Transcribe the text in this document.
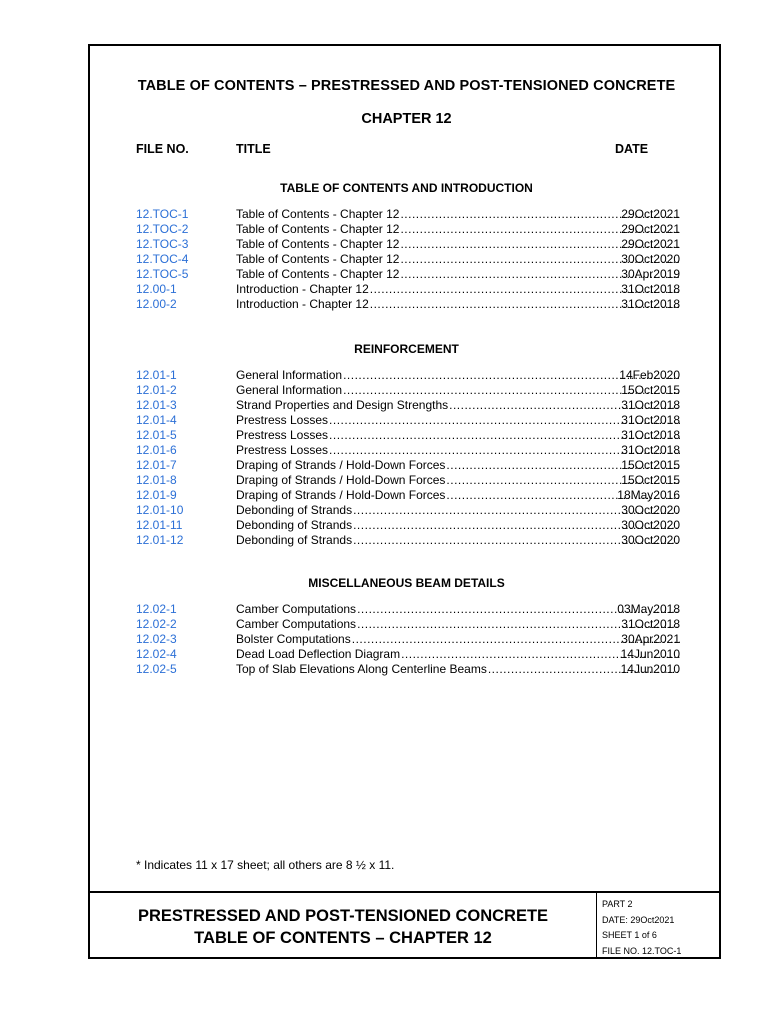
TABLE OF CONTENTS – PRESTRESSED AND POST-TENSIONED CONCRETE
CHAPTER 12
FILE NO.	TITLE	DATE
TABLE OF CONTENTS AND INTRODUCTION
12.TOC-1	Table of Contents - Chapter 12 .....	29Oct2021
12.TOC-2	Table of Contents - Chapter 12 .....	29Oct2021
12.TOC-3	Table of Contents - Chapter 12 .....	29Oct2021
12.TOC-4	Table of Contents - Chapter 12 .....	30Oct2020
12.TOC-5	Table of Contents - Chapter 12 .....	30Apr2019
12.00-1	Introduction - Chapter 12 .....	31Oct2018
12.00-2	Introduction - Chapter 12 .....	31Oct2018
REINFORCEMENT
12.01-1	General Information .....	14Feb2020
12.01-2	General Information .....	15Oct2015
12.01-3	Strand Properties and Design Strengths .....	31Oct2018
12.01-4	Prestress Losses .....	31Oct2018
12.01-5	Prestress Losses .....	31Oct2018
12.01-6	Prestress Losses .....	31Oct2018
12.01-7	Draping of Strands / Hold-Down Forces .....	15Oct2015
12.01-8	Draping of Strands / Hold-Down Forces .....	15Oct2015
12.01-9	Draping of Strands / Hold-Down Forces .....	18May2016
12.01-10	Debonding of Strands .....	30Oct2020
12.01-11	Debonding of Strands .....	30Oct2020
12.01-12	Debonding of Strands .....	30Oct2020
MISCELLANEOUS BEAM DETAILS
12.02-1	Camber Computations .....	03May2018
12.02-2	Camber Computations .....	31Oct2018
12.02-3	Bolster Computations .....	30Apr2021
12.02-4	Dead Load Deflection Diagram .....	14Jun2010
12.02-5	Top of Slab Elevations Along Centerline Beams .....	14Jun2010
* Indicates 11 x 17 sheet; all others are 8 ½ x 11.
PRESTRESSED AND POST-TENSIONED CONCRETE
TABLE OF CONTENTS – CHAPTER 12
PART 2
DATE: 29Oct2021
SHEET 1 of 6
FILE NO. 12.TOC-1
